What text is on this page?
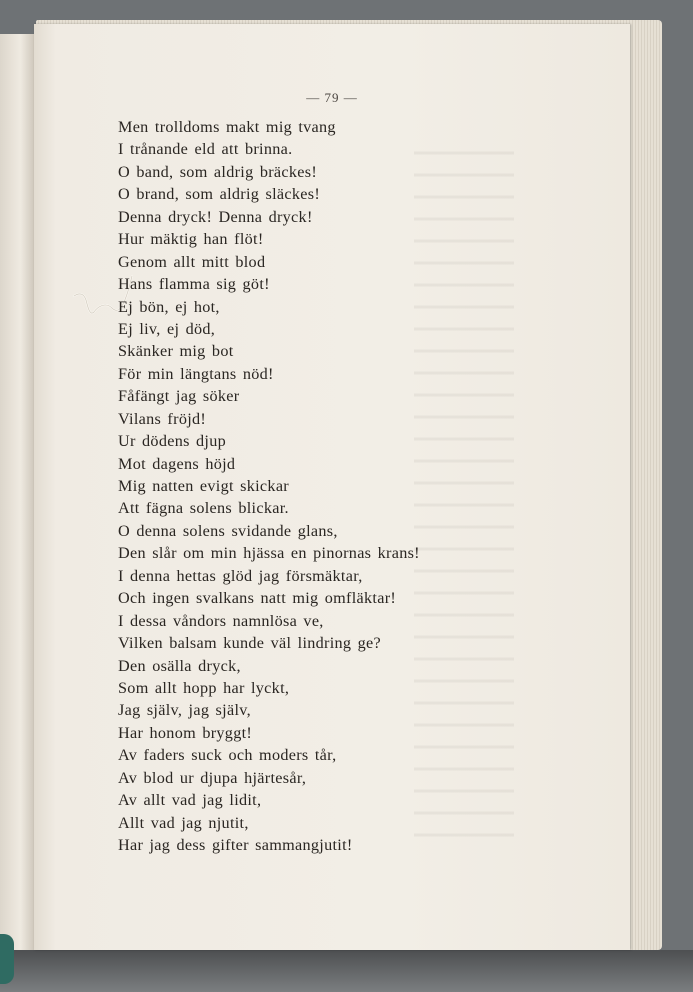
— 79 —
Men trolldoms makt mig tvang
I trånande eld att brinna.
O band, som aldrig bräckes!
O brand, som aldrig släckes!
Denna dryck! Denna dryck!
Hur mäktig han flöt!
Genom allt mitt blod
Hans flamma sig göt!
Ej bön, ej hot,
Ej liv, ej död,
Skänker mig bot
För min längtans nöd!
Fåfängt jag söker
Vilans fröjd!
Ur dödens djup
Mot dagens höjd
Mig natten evigt skickar
Att fägna solens blickar.
O denna solens svidande glans,
Den slår om min hjässa en pinornas krans!
I denna hettas glöd jag försmäktar,
Och ingen svalkans natt mig omfläktar!
I dessa våndors namnlösa ve,
Vilken balsam kunde väl lindring ge?
Den osälla dryck,
Som allt hopp har lyckt,
Jag själv, jag själv,
Har honom bryggt!
Av faders suck och moders tår,
Av blod ur djupa hjärtesår,
Av allt vad jag lidit,
Allt vad jag njutit,
Har jag dess gifter sammangjutit!
